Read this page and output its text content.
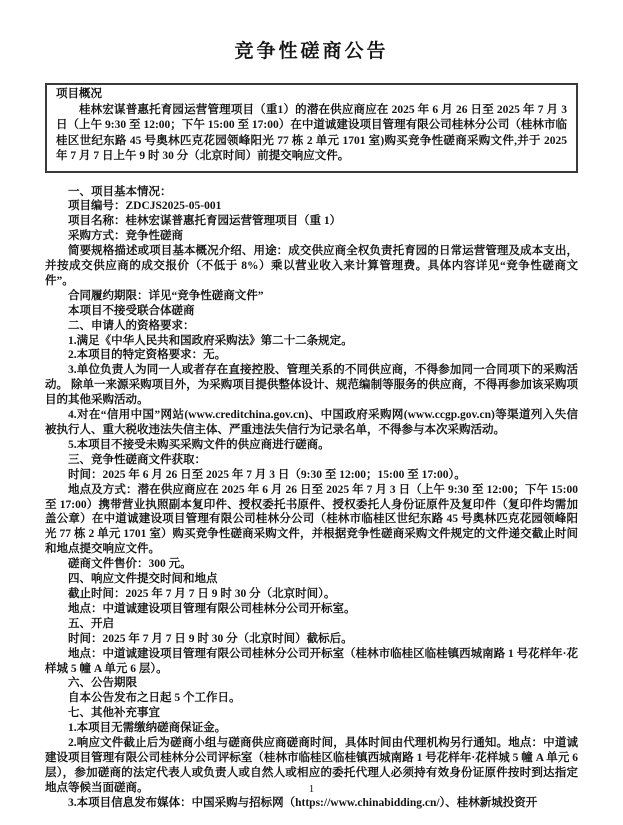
竞争性磋商公告

项目概况

桂林宏谋普惠托育园运营管理项目（重1）的潜在供应商应在 2025 年 6 月 26 日至 2025 年 7 月 3 日（上午 9:30 至 12:00；下午 15:00 至 17:00）在中道诚建设项目管理有限公司桂林分公司（桂林市临桂区世纪东路 45 号奥林匹克花园领峰阳光 77 栋 2 单元 1701 室)购买竞争性磋商采购文件,并于 2025 年 7 月 7 日上午 9 时 30 分（北京时间）前提交响应文件。

一、项目基本情况：

项目编号：ZDCJS2025-05-001

项目名称：桂林宏谋普惠托育园运营管理项目（重 1）

采购方式：竞争性磋商

简要规格描述或项目基本概况介绍、用途：成交供应商全权负责托育园的日常运营管理及成本支出，并按成交供应商的成交报价（不低于 8%）乘以营业收入来计算管理费。具体内容详见“竞争性磋商文件”。

合同履约期限：详见“竞争性磋商文件”

本项目不接受联合体磋商

二、申请人的资格要求：

1.满足《中华人民共和国政府采购法》第二十二条规定。

2.本项目的特定资格要求：无。

3.单位负责人为同一人或者存在直接控股、管理关系的不同供应商，不得参加同一合同项下的采购活动。 除单一来源采购项目外，为采购项目提供整体设计、规范编制等服务的供应商，不得再参加该采购项目的其他采购活动。

4.对在“信用中国”网站(www.creditchina.gov.cn)、中国政府采购网(www.ccgp.gov.cn)等渠道列入失信被执行人、重大税收违法失信主体、严重违法失信行为记录名单，不得参与本次采购活动。

5.本项目不接受未购买采购文件的供应商进行磋商。

三、竞争性磋商文件获取：

时间：2025 年 6 月 26 日至 2025 年 7 月 3 日（9:30 至 12:00；15:00 至 17:00）。

地点及方式：潜在供应商应在 2025 年 6 月 26 日至 2025 年 7 月 3 日（上午 9:30 至 12:00；下午 15:00 至 17:00）携带营业执照副本复印件、授权委托书原件、授权委托人身份证原件及复印件（复印件均需加盖公章）在中道诚建设项目管理有限公司桂林分公司（桂林市临桂区世纪东路 45 号奥林匹克花园领峰阳光 77 栋 2 单元 1701 室）购买竞争性磋商采购文件，并根据竞争性磋商采购文件规定的文件递交截止时间和地点提交响应文件。

磋商文件售价：300 元。

四、响应文件提交时间和地点

截止时间：2025 年 7 月 7 日 9 时 30 分（北京时间）。

地点：中道诚建设项目管理有限公司桂林分公司开标室。

五、开启

时间：2025 年 7 月 7 日 9 时 30 分（北京时间）截标后。

地点：中道诚建设项目管理有限公司桂林分公司开标室（桂林市临桂区临桂镇西城南路 1 号花样年·花样城 5 幢 A 单元 6 层）。

六、公告期限

自本公告发布之日起 5 个工作日。

七、其他补充事宜

1.本项目无需缴纳磋商保证金。

2.响应文件截止后为磋商小组与磋商供应商磋商时间，具体时间由代理机构另行通知。地点：中道诚建设项目管理有限公司桂林分公司评标室（桂林市临桂区临桂镇西城南路 1 号花样年·花样城 5 幢 A 单元 6 层），参加磋商的法定代表人或负责人或自然人或相应的委托代理人必须持有效身份证原件按时到达指定地点等候当面磋商。

3.本项目信息发布媒体：中国采购与招标网（https://www.chinabidding.cn/）、桂林新城投资开

1
